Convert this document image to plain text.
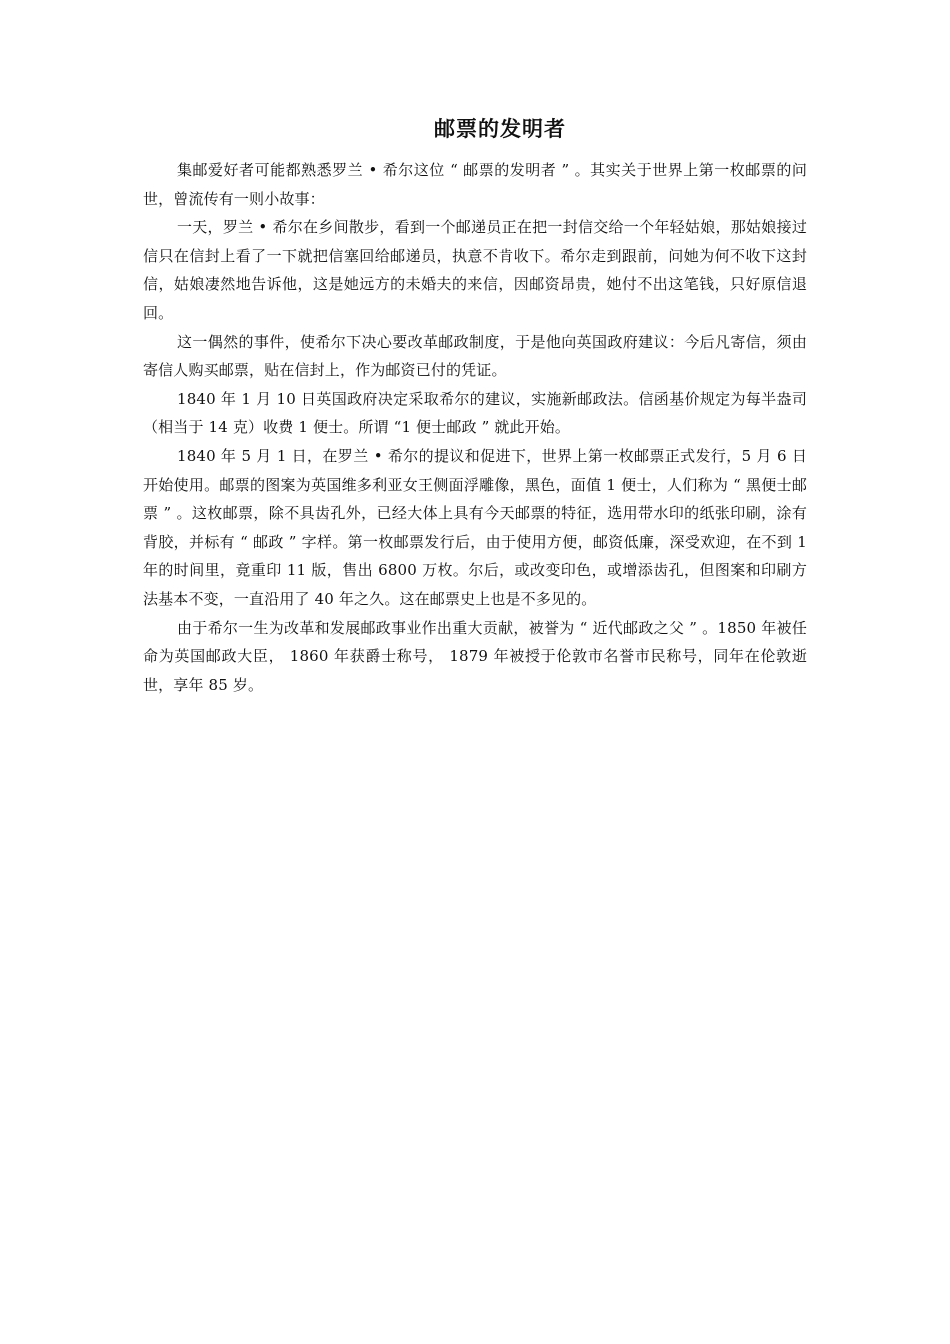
邮票的发明者

集邮爱好者可能都熟悉罗兰 • 希尔这位 “ 邮票的发明者 ” 。其实关于世界上第一枚邮票的问世，曾流传有一则小故事：

一天，罗兰 • 希尔在乡间散步，看到一个邮递员正在把一封信交给一个年轻姑娘，那姑娘接过信只在信封上看了一下就把信塞回给邮递员，执意不肯收下。希尔走到跟前，问她为何不收下这封信，姑娘凄然地告诉他，这是她远方的未婚夫的来信，因邮资昂贵，她付不出这笔钱，只好原信退回。

这一偶然的事件，使希尔下决心要改革邮政制度，于是他向英国政府建议：今后凡寄信，须由寄信人购买邮票，贴在信封上，作为邮资已付的凭证。

1840 年 1 月 10 日英国政府决定采取希尔的建议，实施新邮政法。信函基价规定为每半盎司（相当于 14 克）收费 1 便士。所谓 “1 便士邮政 ” 就此开始。

1840 年 5 月 1 日，在罗兰 • 希尔的提议和促进下，世界上第一枚邮票正式发行，5 月 6 日开始使用。邮票的图案为英国维多利亚女王侧面浮雕像，黑色，面值 1 便士，人们称为 “ 黑便士邮票 ” 。这枚邮票，除不具齿孔外，已经大体上具有今天邮票的特征，选用带水印的纸张印刷，涂有背胶，并标有 “ 邮政 ” 字样。第一枚邮票发行后，由于使用方便，邮资低廉，深受欢迎，在不到 1 年的时间里，竟重印 11 版，售出 6800 万枚。尔后，或改变印色，或增添齿孔，但图案和印刷方法基本不变，一直沿用了 40 年之久。这在邮票史上也是不多见的。

由于希尔一生为改革和发展邮政事业作出重大贡献，被誉为 “ 近代邮政之父 ” 。1850 年被任命为英国邮政大臣， 1860 年获爵士称号， 1879 年被授于伦敦市名誉市民称号，同年在伦敦逝世，享年 85 岁。
